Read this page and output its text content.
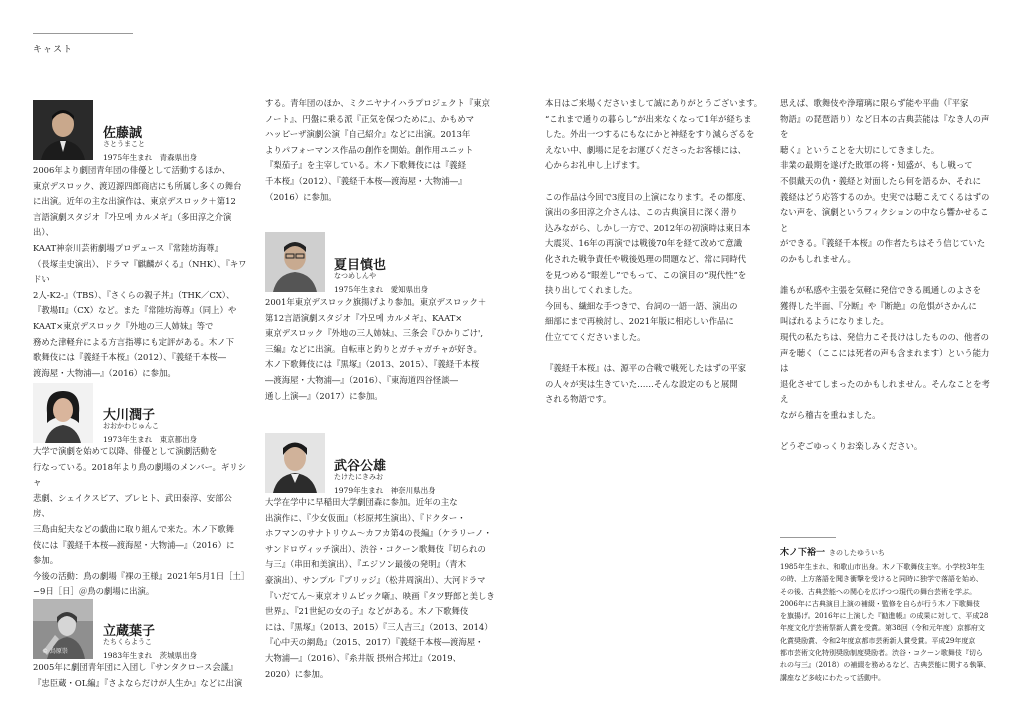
キャスト
佐藤誠
さとうまこと
1975年生まれ　青森県出身

2006年より劇団青年団の俳優として活動するほか、

東京デスロック、渡辺源四郎商店にも所属し多くの舞台

に出演。近年の主な出演作は、東京デスロック＋第12

言語演劇スタジオ『가모메 カルメギ』（多田淳之介演出）、

KAAT神奈川芸術劇場プロデュース『常陸坊海尊』

（長塚圭史演出）、ドラマ『麒麟がくる』（NHK）、『キワドい

2人-K2-』（TBS）、『さくらの親子丼』（THK／CX）、

『教場II』（CX）など。また『常陸坊海尊』（同上）や

KAAT×東京デスロック『外地の三人姉妹』等で

務めた津軽弁による方言指導にも定評がある。木ノ下

歌舞伎には『義経千本桜』（2012）、『義経千本桜―

渡海屋・大物浦―』（2016）に参加。

大川潤子
おおかわじゅんこ
1973年生まれ　東京都出身

大学で演劇を始めて以降、俳優として演劇活動を

行なっている。2018年より鳥の劇場のメンバー。ギリシャ

悲劇、シェイクスピア、ブレヒト、武田泰淳、安部公房、

三島由紀夫などの戯曲に取り組んで来た。木ノ下歌舞

伎には『義経千本桜―渡海屋・大物浦―』（2016）に

参加。

今後の活動：鳥の劇場『裸の王様』2021年5月1日［土］

−9日［日］＠鳥の劇場に出演。

© 鳥原崇
立蔵葉子
たちくらようこ
1983年生まれ　茨城県出身

2005年に劇団青年団に入団し『サンタクロース会議』

『忠臣蔵・OL編』『さよならだけが人生か』などに出演

する。青年団のほか、ミクニヤナイハラプロジェクト『東京
ノート』、円盤に乗る派『正気を保つために』、かもめマ
ハッピーザ演劇公演『自己紹介』などに出演。2013年
よりパフォーマンス作品の創作を開始。創作用ユニット
『梨茄子』を主宰している。木ノ下歌舞伎には『義経
千本桜』（2012）、『義経千本桜―渡海屋・大物浦―』
（2016）に参加。
夏目慎也
なつめしんや
1975年生まれ　愛知県出身

2001年東京デスロック旗揚げより参加。東京デスロック＋

第12言語演劇スタジオ『가모메 カルメギ』、KAAT×

東京デスロック『外地の三人姉妹』、三条会『ひかりごけ',

三編』などに出演。自転車と釣りとガチャガチャが好き。

木ノ下歌舞伎には『黒塚』（2013、2015）、『義経千本桜

―渡海屋・大物浦―』（2016）、『東海道四谷怪談―

通し上演―』（2017）に参加。

武谷公雄
たけたにきみお
1979年生まれ　神奈川県出身

大学在学中に早稲田大学劇団森に参加。近年の主な

出演作に、『少女仮面』（杉原邦生演出）、『ドクター・

ホフマンのサナトリウム～カフカ第4の長編』（ケラリーノ・

サンドロヴィッチ演出）、渋谷・コクーン歌舞伎『切られの

与三』（串田和美演出）、『エジソン最後の発明』（青木

豪演出）、サンプル『ブリッジ』（松井周演出）、大河ドラマ

『いだてん～東京オリムピック噺』、映画『タツ野郎と美しき

世界』、『21世紀の女の子』などがある。木ノ下歌舞伎

には、『黒塚』（2013、2015）『三人吉三』（2013、2014）

『心中天の網島』（2015、2017）『義経千本桜―渡海屋・

大物浦―』（2016）、『糸井版 摂州合邦辻』（2019、

2020）に参加。

本日はご来場くださいまして誠にありがとうございます。
“これまで通りの暮らし”が出来なくなって1年が経ちま
した。外出一つするにもなにかと神経をすり減らざるを
えない中、劇場に足をお運びくださったお客様には、
心からお礼申し上げます。

この作品は今回で3度目の上演になります。その都度、
演出の多田淳之介さんは、この古典演目に深く潜り
込みながら、しかし一方で、2012年の初演時は東日本
大震災、16年の再演では戦後70年を経て改めて意識
化された戦争責任や戦後処理の問題など、常に同時代
を見つめる“眼差し”でもって、この演目の“現代性”を
抉り出してくれました。
今回も、繊細な手つきで、台詞の一語一語、演出の
細部にまで再検討し、2021年版に相応しい作品に
仕立ててくださいました。

『義経千本桜』は、源平の合戦で戦死したはずの平家
の人々が実は生きていた……そんな設定のもと展開
される物語です。

思えば、歌舞伎や浄瑠璃に限らず能や平曲（『平家
物語』の琵琶語り）など日本の古典芸能は『なき人の声を
聴く』ということを大切にしてきました。
非業の最期を遂げた敗軍の将・知盛が、もし戦って
不倶戴天の仇・義経と対面したら何を語るか、それに
義経はどう応答するのか。史実では聴こえてくるはずの
ない声を、演劇というフィクションの中なら響かせること
ができる。『義経千本桜』の作者たちはそう信じていた
のかもしれません。

誰もが私感や主張を気軽に発信できる風通しのよさを
獲得した半面、『分断』や『断絶』の危惧がさかんに
叫ばれるようになりました。
現代の私たちは、発信力こそ長けはしたものの、他者の
声を聴く（ここには死者の声も含まれます）という能力は
退化させてしまったのかもしれません。そんなことを考え
ながら稽古を重ねました。

どうぞごゆっくりお楽しみください。

木ノ下裕一 きのしたゆういち
1985年生まれ、和歌山市出身。木ノ下歌舞伎主宰。小学校3年生
の時、上方落語を聞き衝撃を受けると同時に独学で落語を始め、
その後、古典芸能への関心を広げつつ現代の舞台芸術を学ぶ。
2006年に古典演目上演の補綴・監修を自らが行う木ノ下歌舞伎
を旗揚げ。2016年に上演した『勧進帳』の成果に対して、平成28
年度文化庁芸術祭新人賞を受賞。第38回（令和元年度）京都府文
化賞奨励賞、令和2年度京都市芸術新人賞受賞。平成29年度京
都市芸術文化特別奨励制度奨励者。渋谷・コクーン歌舞伎『切ら
れの与三』（2018）の補綴を務めるなど、古典芸能に関する執筆、
講座など多岐にわたって活動中。
